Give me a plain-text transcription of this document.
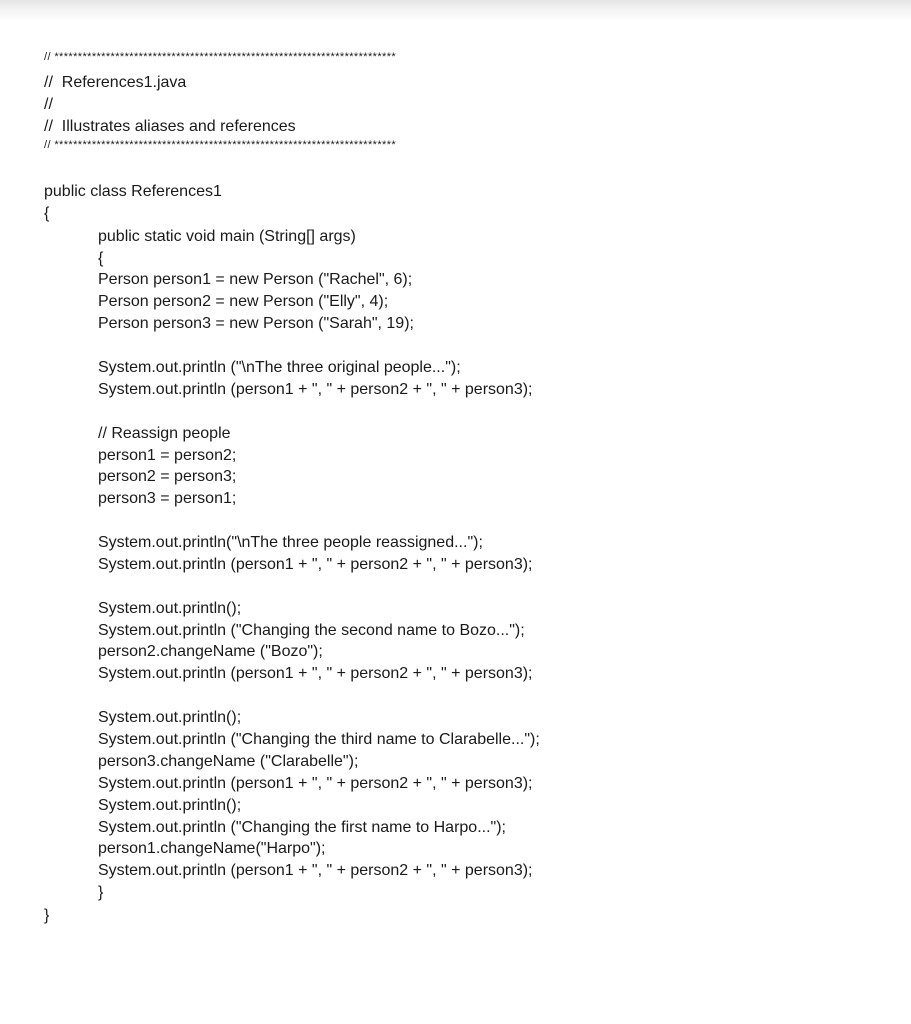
// *************************************************************************
//  References1.java
//
//  Illustrates aliases and references
// *************************************************************************
public class References1
{
public static void main (String[] args)
{
Person person1 = new Person ("Rachel", 6);
Person person2 = new Person ("Elly", 4);
Person person3 = new Person ("Sarah", 19);
System.out.println ("\nThe three original people...");
System.out.println (person1 + ", " + person2 + ", " + person3);
// Reassign people
person1 = person2;
person2 = person3;
person3 = person1;
System.out.println("\nThe three people reassigned...");
System.out.println (person1 + ", " + person2 + ", " + person3);
System.out.println();
System.out.println ("Changing the second name to Bozo...");
person2.changeName ("Bozo");
System.out.println (person1 + ", " + person2 + ", " + person3);
System.out.println();
System.out.println ("Changing the third name to Clarabelle...");
person3.changeName ("Clarabelle");
System.out.println (person1 + ", " + person2 + ", " + person3);
System.out.println();
System.out.println ("Changing the first name to Harpo...");
person1.changeName("Harpo");
System.out.println (person1 + ", " + person2 + ", " + person3);
}
}
